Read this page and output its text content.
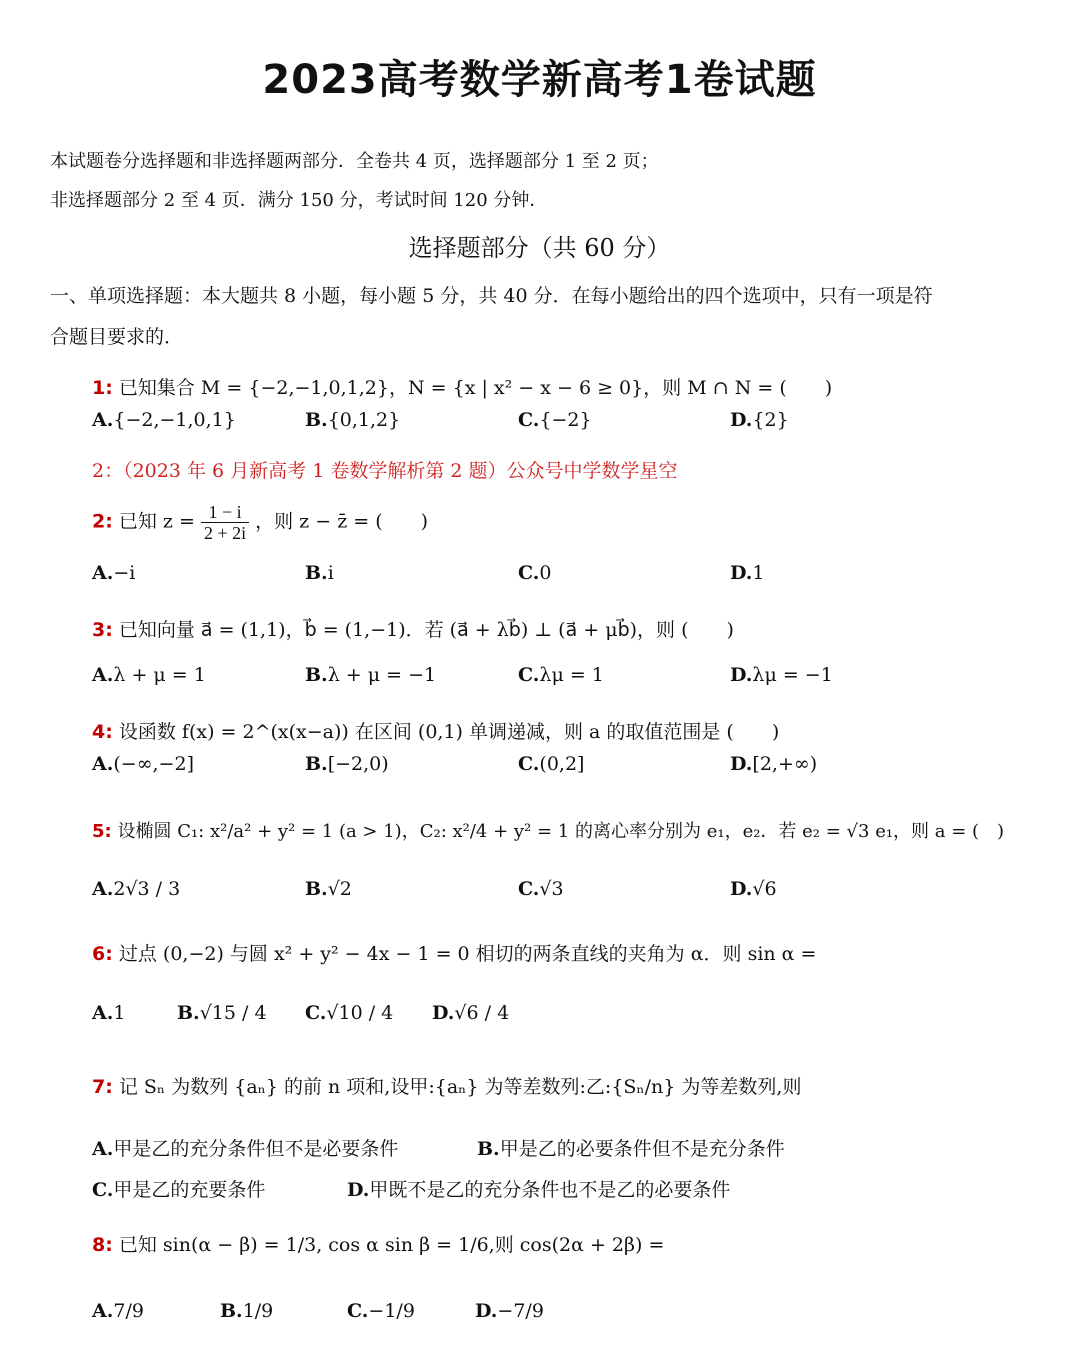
2023高考数学新高考1卷试题
本试题卷分选择题和非选择题两部分．全卷共 4 页，选择题部分 1 至 2 页；
非选择题部分 2 至 4 页．满分 150 分，考试时间 120 分钟．
选择题部分（共 60 分）
一、单项选择题：本大题共 8 小题，每小题 5 分，共 40 分．在每小题给出的四个选项中，只有一项是符
合题目要求的．
1: 已知集合 M = {−2,−1,0,1,2}，N = {x | x² − x − 6 ≥ 0}，则 M ∩ N = (　　)
A.{−2,−1,0,1}	B.{0,1,2}	C.{−2}	D.{2}
2：（2023 年 6 月新高考 1 卷数学解析第 2 题）公众号中学数学星空
2: 已知 $z = \frac{1 - i}{2 + 2i}$ ，则 z − z̄ = (　　)
A.−i	B.i	C.0	D.1
3: 已知向量 a⃗ = (1,1)，b⃗ = (1,−1)．若 (a⃗ + λb⃗) ⊥ (a⃗ + μb⃗)，则 (　　)
A.λ + μ = 1	B.λ + μ = −1	C.λμ = 1	D.λμ = −1
4: 设函数 f(x) = 2^(x(x−a)) 在区间 (0,1) 单调递减，则 a 的取值范围是 (　　)
A.(−∞,−2]	B.[−2,0)	C.(0,2]	D.[2,+∞)
5: 设椭圆 C₁: x²/a² + y² = 1 (a > 1)，C₂: x²/4 + y² = 1 的离心率分别为 e₁，e₂．若 e₂ = √3 e₁，则 a = (　)
A.2√3 / 3	B.√2	C.√3	D.√6
6: 过点 (0,−2) 与圆 x² + y² − 4x − 1 = 0 相切的两条直线的夹角为 α．则 sin α =
A.1	B.√15 / 4 C.√10 / 4 D.√6 / 4
7: 记 Sₙ 为数列 {aₙ} 的前 n 项和,设甲:{aₙ} 为等差数列:乙:{Sₙ/n} 为等差数列,则
A.甲是乙的充分条件但不是必要条件	B.甲是乙的必要条件但不是充分条件
C.甲是乙的充要条件	D.甲既不是乙的充分条件也不是乙的必要条件
8: 已知 sin(α − β) = 1/3, cos α sin β = 1/6,则 cos(2α + 2β) =
A.7/9	B.1/9	C.−1/9	D.−7/9
